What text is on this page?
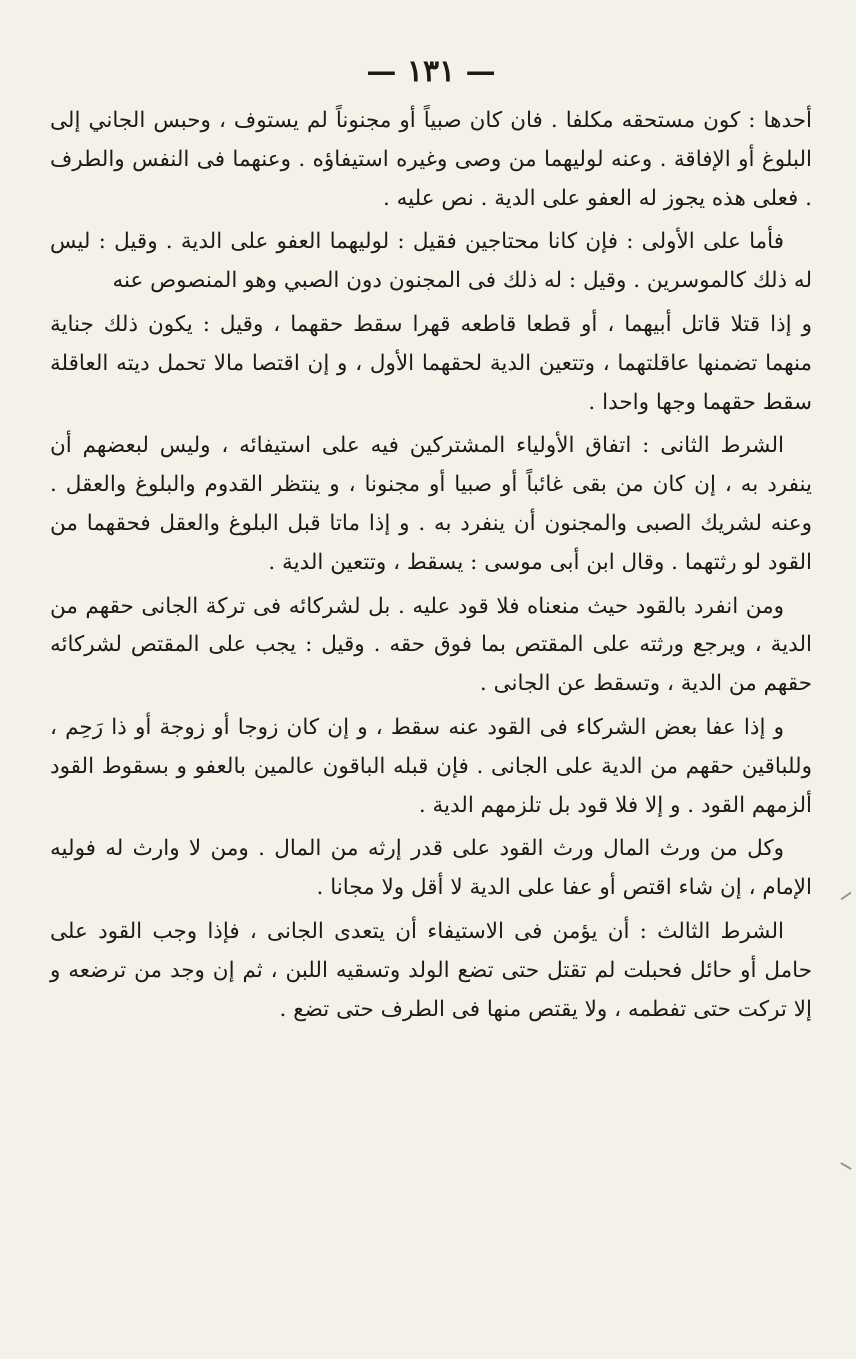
— ١٣١ —

أحدها : كون مستحقه مكلفا . فان كان صبياً أو مجنوناً لم يستوف ، وحبس الجاني إلى البلوغ أو الإفاقة . وعنه لوليهما من وصى وغيره استيفاؤه . وعنهما فى النفس والطرف . فعلى هذه يجوز له العفو على الدية . نص عليه .

فأما على الأولى : فإن كانا محتاجين فقيل : لوليهما العفو على الدية . وقيل : ليس له ذلك كالموسرين . وقيل : له ذلك فى المجنون دون الصبي وهو المنصوص عنه

و إذا قتلا قاتل أبيهما ، أو قطعا قاطعه قهرا سقط حقهما ، وقيل : يكون ذلك جناية منهما تضمنها عاقلتهما ، وتتعين الدية لحقهما الأول ، و إن اقتصا مالا تحمل ديته العاقلة سقط حقهما وجها واحدا .

الشرط الثانى : اتفاق الأولياء المشتركين فيه على استيفائه ، وليس لبعضهم أن ينفرد به ، إن كان من بقى غائباً أو صبيا أو مجنونا ، و ينتظر القدوم والبلوغ والعقل . وعنه لشريك الصبى والمجنون أن ينفرد به . و إذا ماتا قبل البلوغ والعقل فحقهما من القود لو رثتهما . وقال ابن أبى موسى : يسقط ، وتتعين الدية .

ومن انفرد بالقود حيث منعناه فلا قود عليه . بل لشركائه فى تركة الجانى حقهم من الدية ، ويرجع ورثته على المقتص بما فوق حقه . وقيل : يجب على المقتص لشركائه حقهم من الدية ، وتسقط عن الجانى .

و إذا عفا بعض الشركاء فى القود عنه سقط ، و إن كان زوجا أو زوجة أو ذا رَحِم ، وللباقين حقهم من الدية على الجانى . فإن قبله الباقون عالمين بالعفو و بسقوط القود ألزمهم القود . و إلا فلا قود بل تلزمهم الدية .

وكل من ورث المال ورث القود على قدر إرثه من المال . ومن لا وارث له فوليه الإمام ، إن شاء اقتص أو عفا على الدية لا أقل ولا مجانا .

الشرط الثالث : أن يؤمن فى الاستيفاء أن يتعدى الجانى ، فإذا وجب القود على حامل أو حائل فحبلت لم تقتل حتى تضع الولد وتسقيه اللبن ، ثم إن وجد من ترضعه و إلا تركت حتى تفطمه ، ولا يقتص منها فى الطرف حتى تضع .
